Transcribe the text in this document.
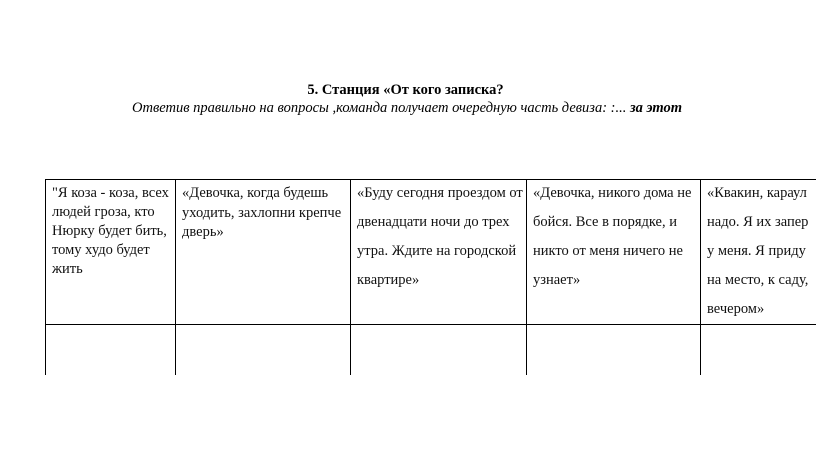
5. Станция «От кого записка?
Ответив правильно на вопросы ,команда получает очередную часть девиза: :... за этот
"Я коза - коза, всех людей гроза, кто Нюрку будет бить, тому худо будет жить	«Девочка, когда будешь уходить, захлопни крепче дверь»	«Буду сегодня проездом от двенадцати ночи до трех утра. Ждите на городской квартире»	«Девочка, никого дома не бойся. Все в порядке, и никто от меня ничего не узнает»	«Квакин, караул
надо. Я их запер
у меня. Я приду
на место, к саду,
вечером»
